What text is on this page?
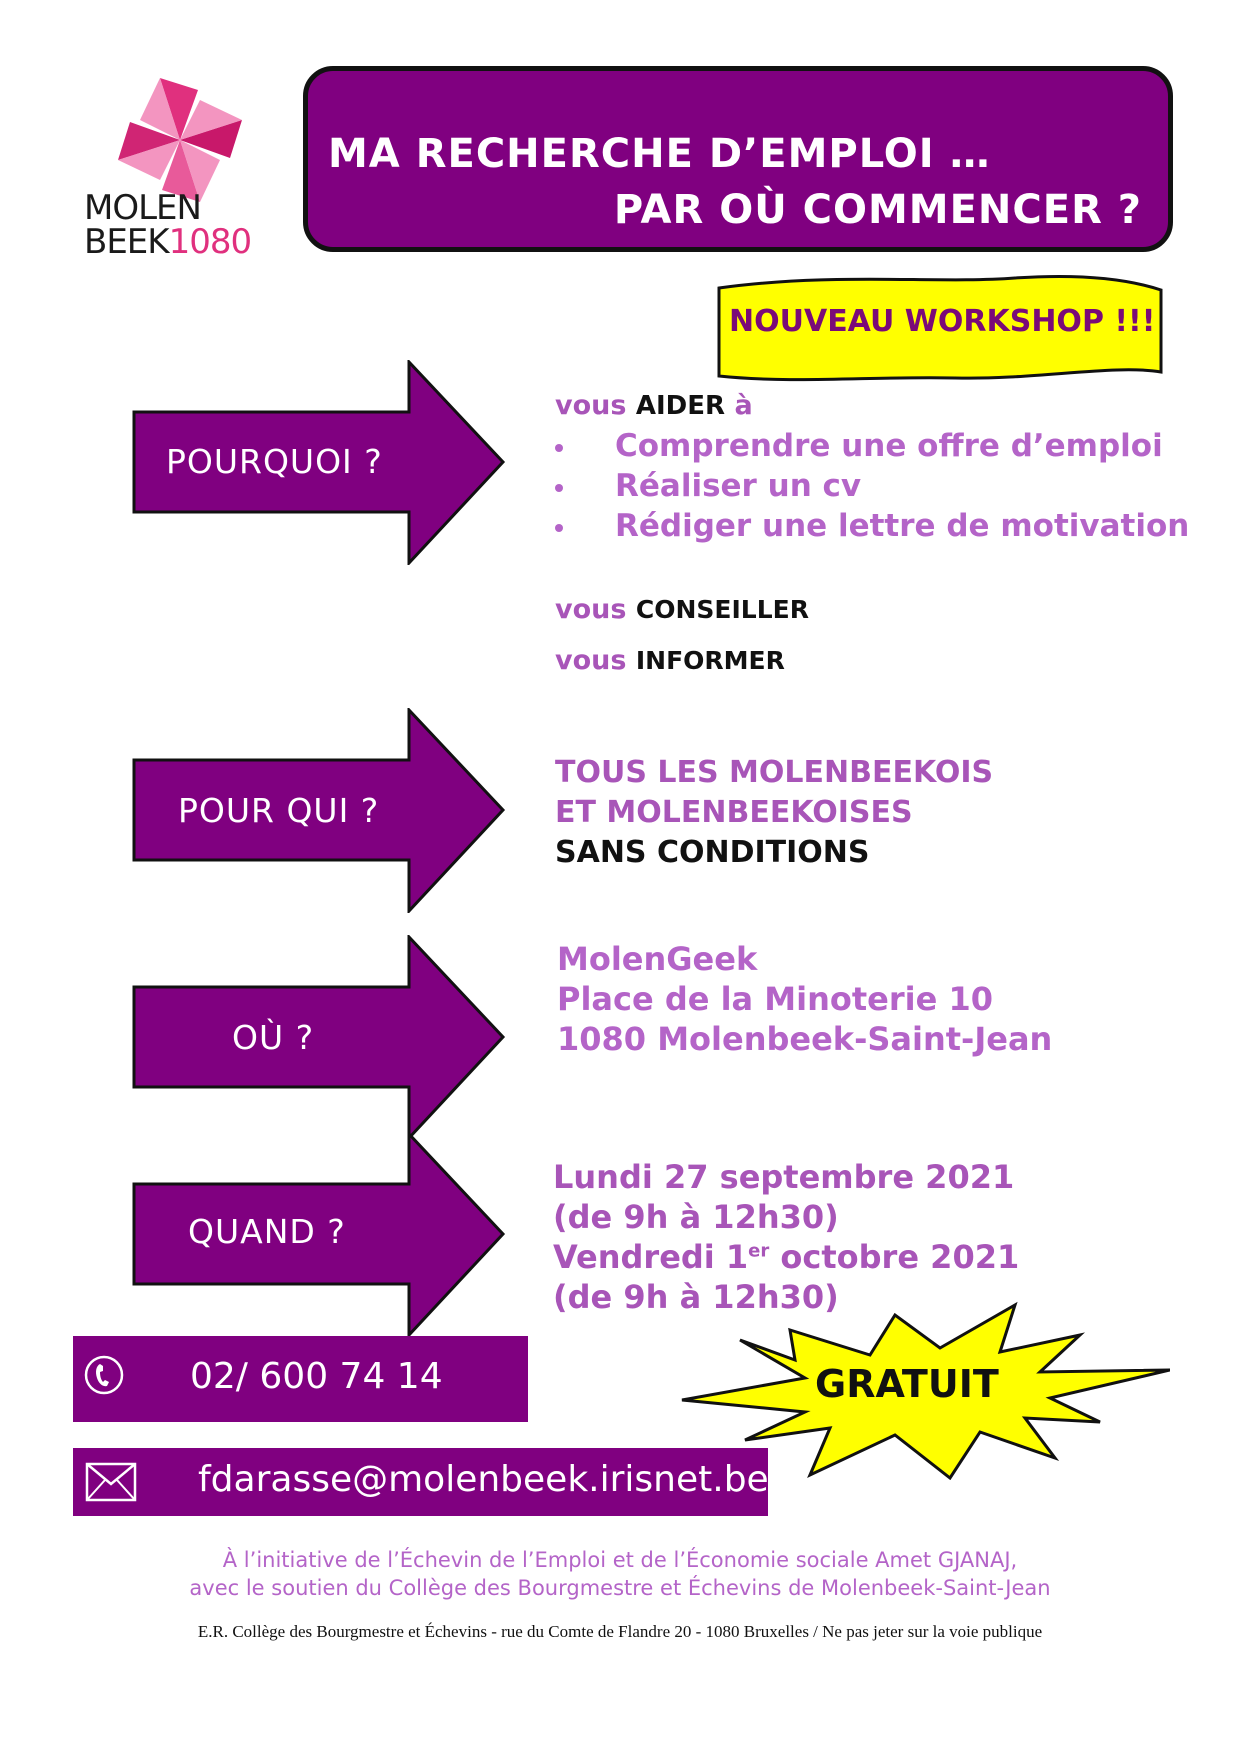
MOLEN
BEEK1080
MA RECHERCHE D’EMPLOI …
PAR OÙ COMMENCER ?
NOUVEAU WORKSHOP !!!
POURQUOI ?
POUR QUI ?
OÙ ?
QUAND ?
vous AIDER à
Comprendre une offre d’emploi
Réaliser un cv
Rédiger une lettre de motivation
vous CONSEILLER
vous INFORMER
TOUS LES MOLENBEEKOIS
ET MOLENBEEKOISES
SANS CONDITIONS
MolenGeek
Place de la Minoterie 10
1080 Molenbeek-Saint-Jean
Lundi 27 septembre 2021
(de 9h à 12h30)
Vendredi 1er octobre 2021
(de 9h à 12h30)
02/ 600 74 14
fdarasse@molenbeek.irisnet.be
GRATUIT
À l’initiative de l’Échevin de l’Emploi et de l’Économie sociale Amet GJANAJ,
avec le soutien du Collège des Bourgmestre et Échevins de Molenbeek-Saint-Jean
E.R. Collège des Bourgmestre et Échevins - rue du Comte de Flandre 20 - 1080 Bruxelles / Ne pas jeter sur la voie publique
